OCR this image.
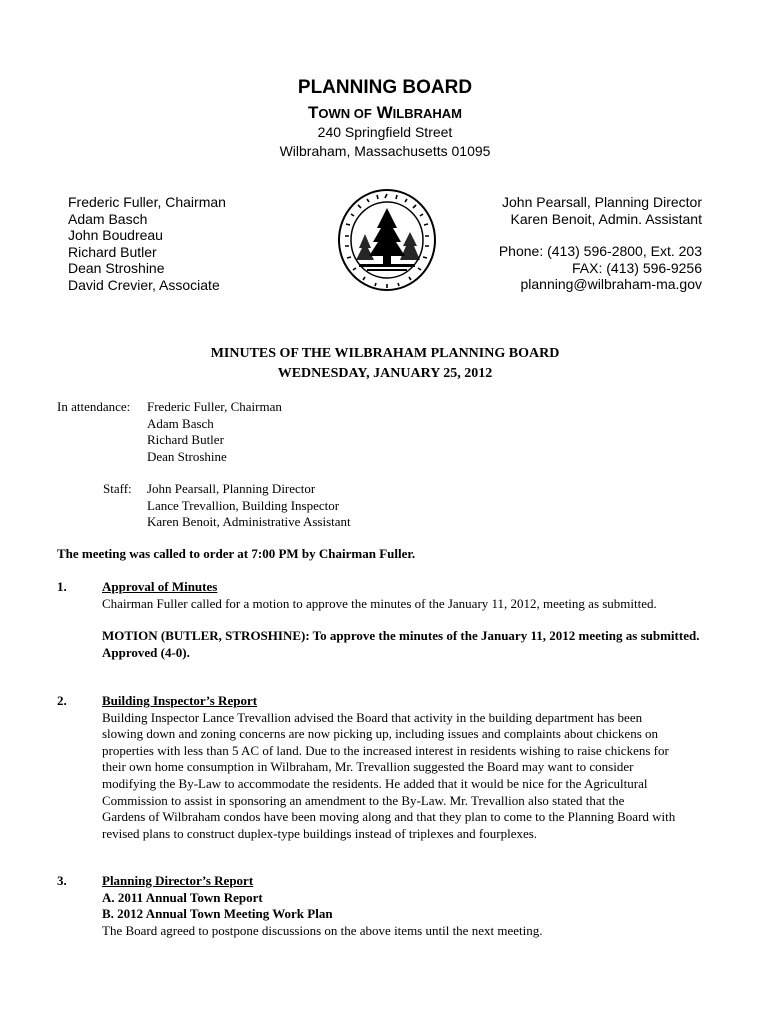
PLANNING BOARD
TOWN OF WILBRAHAM
240 Springfield Street
Wilbraham, Massachusetts 01095
Frederic Fuller, Chairman
Adam Basch
John Boudreau
Richard Butler
Dean Stroshine
David Crevier, Associate
John Pearsall, Planning Director
Karen Benoit, Admin. Assistant
Phone: (413) 596-2800, Ext. 203
FAX: (413) 596-9256
planning@wilbraham-ma.gov
MINUTES OF THE WILBRAHAM PLANNING BOARD
WEDNESDAY, JANUARY 25, 2012
In attendance: Frederic Fuller, Chairman
Adam Basch
Richard Butler
Dean Stroshine
Staff: John Pearsall, Planning Director
Lance Trevallion, Building Inspector
Karen Benoit, Administrative Assistant
The meeting was called to order at 7:00 PM by Chairman Fuller.
1.	Approval of Minutes
Chairman Fuller called for a motion to approve the minutes of the January 11, 2012, meeting as submitted.
MOTION (BUTLER, STROSHINE): To approve the minutes of the January 11, 2012 meeting as submitted. Approved (4-0).
2.	Building Inspector’s Report
Building Inspector Lance Trevallion advised the Board that activity in the building department has been
slowing down and zoning concerns are now picking up, including issues and complaints about chickens on
properties with less than 5 AC of land. Due to the increased interest in residents wishing to raise chickens for
their own home consumption in Wilbraham, Mr. Trevallion suggested the Board may want to consider
modifying the By-Law to accommodate the residents. He added that it would be nice for the Agricultural
Commission to assist in sponsoring an amendment to the By-Law. Mr. Trevallion also stated that the
Gardens of Wilbraham condos have been moving along and that they plan to come to the Planning Board with
revised plans to construct duplex-type buildings instead of triplexes and fourplexes.
3.	Planning Director’s Report
A. 2011 Annual Town Report
B. 2012 Annual Town Meeting Work Plan
The Board agreed to postpone discussions on the above items until the next meeting.
